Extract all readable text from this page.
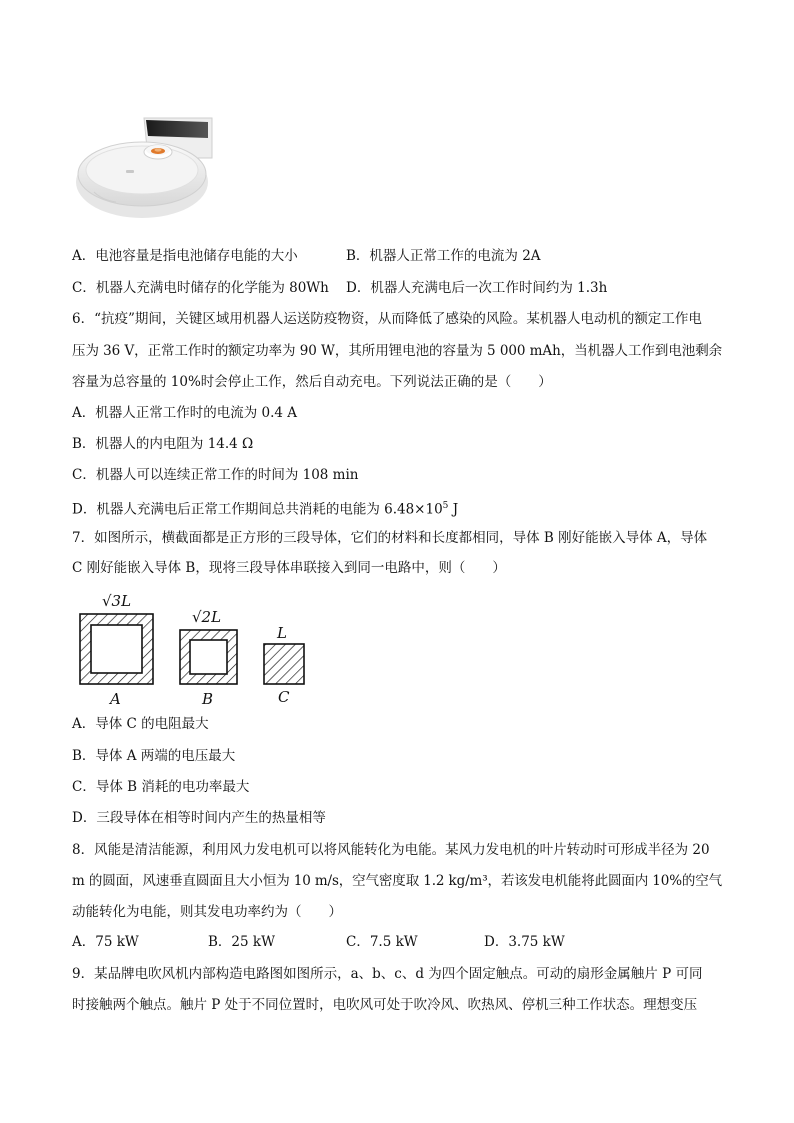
A．电池容量是指电池储存电能的大小	B．机器人正常工作的电流为 2A
C．机器人充满电时储存的化学能为 80Wh D．机器人充满电后一次工作时间约为 1.3h
6．“抗疫”期间，关键区域用机器人运送防疫物资，从而降低了感染的风险。某机器人电动机的额定工作电
压为 36 V，正常工作时的额定功率为 90 W，其所用锂电池的容量为 5 000 mAh，当机器人工作到电池剩余
容量为总容量的 10%时会停止工作，然后自动充电。下列说法正确的是（　　）
A．机器人正常工作时的电流为 0.4 A
B．机器人的内电阻为 14.4 Ω
C．机器人可以连续正常工作的时间为 108 min
D．机器人充满电后正常工作期间总共消耗的电能为 $6.48\times 10^5$ J
7．如图所示，横截面都是正方形的三段导体，它们的材料和长度都相同，导体 B 刚好能嵌入导体 A，导体
C 刚好能嵌入导体 B，现将三段导体串联接入到同一电路中，则（　　）
√3L
√2L
L
A	B	C
A．导体 C 的电阻最大
B．导体 A 两端的电压最大
C．导体 B 消耗的电功率最大
D．三段导体在相等时间内产生的热量相等
8．风能是清洁能源，利用风力发电机可以将风能转化为电能。某风力发电机的叶片转动时可形成半径为 20
m 的圆面，风速垂直圆面且大小恒为 10 m/s，空气密度取 1.2 kg/m³，若该发电机能将此圆面内 10%的空气
动能转化为电能，则其发电功率约为（　　）
A．75 kW	B．25 kW	C．7.5 kW	D．3.75 kW
9．某品牌电吹风机内部构造电路图如图所示，a、b、c、d 为四个固定触点。可动的扇形金属触片 P 可同
时接触两个触点。触片 P 处于不同位置时，电吹风可处于吹冷风、吹热风、停机三种工作状态。理想变压
